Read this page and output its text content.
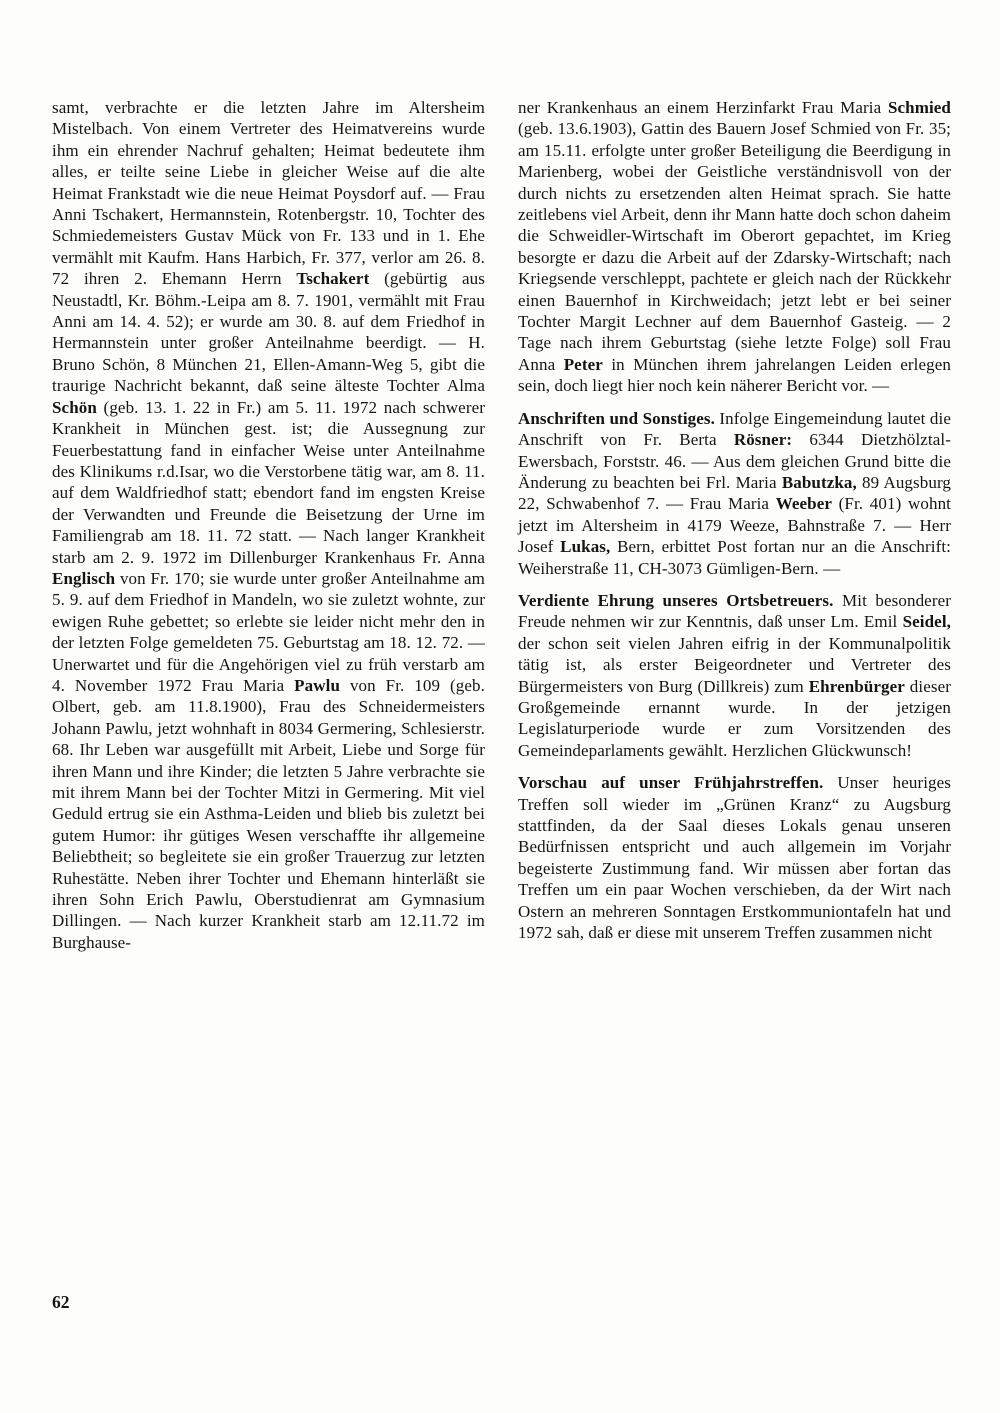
samt, verbrachte er die letzten Jahre im Altersheim Mistelbach. Von einem Vertreter des Heimatvereins wurde ihm ein ehrender Nachruf gehalten; Heimat bedeutete ihm alles, er teilte seine Liebe in gleicher Weise auf die alte Heimat Frankstadt wie die neue Heimat Poysdorf auf. — Frau Anni Tschakert, Hermannstein, Rotenbergstr. 10, Tochter des Schmiedemeisters Gustav Mück von Fr. 133 und in 1. Ehe vermählt mit Kaufm. Hans Harbich, Fr. 377, verlor am 26. 8. 72 ihren 2. Ehemann Herrn Tschakert (gebürtig aus Neustadtl, Kr. Böhm.-Leipa am 8. 7. 1901, vermählt mit Frau Anni am 14. 4. 52); er wurde am 30. 8. auf dem Friedhof in Hermannstein unter großer Anteilnahme beerdigt. — H. Bruno Schön, 8 München 21, Ellen-Amann-Weg 5, gibt die traurige Nachricht bekannt, daß seine älteste Tochter Alma Schön (geb. 13. 1. 22 in Fr.) am 5. 11. 1972 nach schwerer Krankheit in München gest. ist; die Aussegnung zur Feuerbestattung fand in einfacher Weise unter Anteilnahme des Klinikums r.d.Isar, wo die Verstorbene tätig war, am 8. 11. auf dem Waldfriedhof statt; ebendort fand im engsten Kreise der Verwandten und Freunde die Beisetzung der Urne im Familiengrab am 18. 11. 72 statt. — Nach langer Krankheit starb am 2. 9. 1972 im Dillenburger Krankenhaus Fr. Anna Englisch von Fr. 170; sie wurde unter großer Anteilnahme am 5. 9. auf dem Friedhof in Mandeln, wo sie zuletzt wohnte, zur ewigen Ruhe gebettet; so erlebte sie leider nicht mehr den in der letzten Folge gemeldeten 75. Geburtstag am 18. 12. 72. — Unerwartet und für die Angehörigen viel zu früh verstarb am 4. November 1972 Frau Maria Pawlu von Fr. 109 (geb. Olbert, geb. am 11.8.1900), Frau des Schneidermeisters Johann Pawlu, jetzt wohnhaft in 8034 Germering, Schlesierstr. 68. Ihr Leben war ausgefüllt mit Arbeit, Liebe und Sorge für ihren Mann und ihre Kinder; die letzten 5 Jahre verbrachte sie mit ihrem Mann bei der Tochter Mitzi in Germering. Mit viel Geduld ertrug sie ein Asthma-Leiden und blieb bis zuletzt bei gutem Humor: ihr gütiges Wesen verschaffte ihr allgemeine Beliebtheit; so begleitete sie ein großer Trauerzug zur letzten Ruhestätte. Neben ihrer Tochter und Ehemann hinterläßt sie ihren Sohn Erich Pawlu, Oberstudienrat am Gymnasium Dillingen. — Nach kurzer Krankheit starb am 12.11.72 im Burghause-

ner Krankenhaus an einem Herzinfarkt Frau Maria Schmied (geb. 13.6.1903), Gattin des Bauern Josef Schmied von Fr. 35; am 15.11. erfolgte unter großer Beteiligung die Beerdigung in Marienberg, wobei der Geistliche verständnisvoll von der durch nichts zu ersetzenden alten Heimat sprach. Sie hatte zeitlebens viel Arbeit, denn ihr Mann hatte doch schon daheim die Schweidler-Wirtschaft im Oberort gepachtet, im Krieg besorgte er dazu die Arbeit auf der Zdarsky-Wirtschaft; nach Kriegsende verschleppt, pachtete er gleich nach der Rückkehr einen Bauernhof in Kirchweidach; jetzt lebt er bei seiner Tochter Margit Lechner auf dem Bauernhof Gasteig. — 2 Tage nach ihrem Geburtstag (siehe letzte Folge) soll Frau Anna Peter in München ihrem jahrelangen Leiden erlegen sein, doch liegt hier noch kein näherer Bericht vor. —

Anschriften und Sonstiges. Infolge Eingemeindung lautet die Anschrift von Fr. Berta Rösner: 6344 Dietzhölztal-Ewersbach, Forststr. 46. — Aus dem gleichen Grund bitte die Änderung zu beachten bei Frl. Maria Babutzka, 89 Augsburg 22, Schwabenhof 7. — Frau Maria Weeber (Fr. 401) wohnt jetzt im Altersheim in 4179 Weeze, Bahnstraße 7. — Herr Josef Lukas, Bern, erbittet Post fortan nur an die Anschrift: Weiherstraße 11, CH-3073 Gümligen-Bern. —

Verdiente Ehrung unseres Ortsbetreuers. Mit besonderer Freude nehmen wir zur Kenntnis, daß unser Lm. Emil Seidel, der schon seit vielen Jahren eifrig in der Kommunalpolitik tätig ist, als erster Beigeordneter und Vertreter des Bürgermeisters von Burg (Dillkreis) zum Ehrenbürger dieser Großgemeinde ernannt wurde. In der jetzigen Legislaturperiode wurde er zum Vorsitzenden des Gemeindeparlaments gewählt. Herzlichen Glückwunsch!

Vorschau auf unser Frühjahrstreffen. Unser heuriges Treffen soll wieder im „Grünen Kranz“ zu Augsburg stattfinden, da der Saal dieses Lokals genau unseren Bedürfnissen entspricht und auch allgemein im Vorjahr begeisterte Zustimmung fand. Wir müssen aber fortan das Treffen um ein paar Wochen verschieben, da der Wirt nach Ostern an mehreren Sonntagen Erstkommuniontafeln hat und 1972 sah, daß er diese mit unserem Treffen zusammen nicht

62
